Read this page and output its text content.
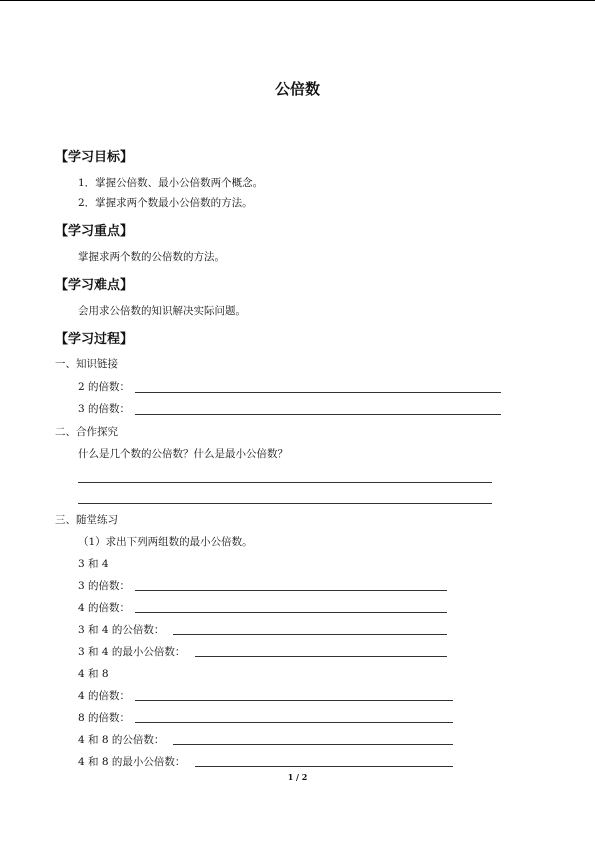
公倍数
【学习目标】
1．掌握公倍数、最小公倍数两个概念。
2．掌握求两个数最小公倍数的方法。
【学习重点】
掌握求两个数的公倍数的方法。
【学习难点】
会用求公倍数的知识解决实际问题。
【学习过程】
一、知识链接
2 的倍数：
3 的倍数：
二、合作探究
什么是几个数的公倍数？什么是最小公倍数？
三、随堂练习
（1）求出下列两组数的最小公倍数。
3 和 4
3 的倍数：
4 的倍数：
3 和 4 的公倍数：
3 和 4 的最小公倍数：
4 和 8
4 的倍数：
8 的倍数：
4 和 8 的公倍数：
4 和 8 的最小公倍数：
1 / 2
